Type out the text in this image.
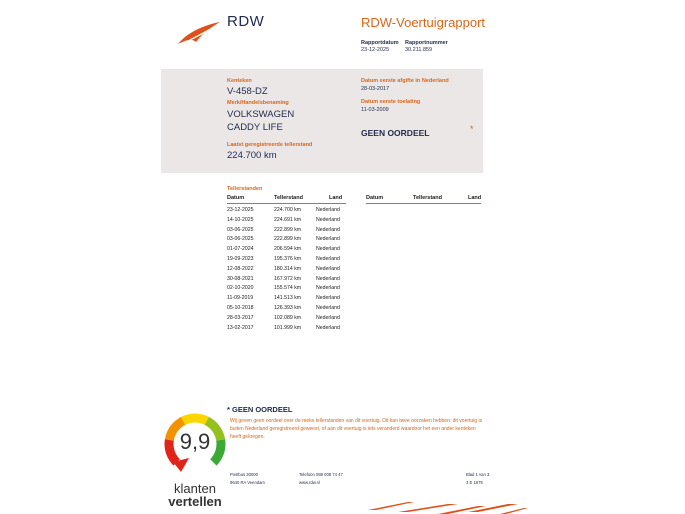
RDW	RDW-Voertuigrapport
Rapportdatum
23-12-2025
Rapportnummer
30.211.859
Kenteken
V-458-DZ
Merk/Handelsbenaming
VOLKSWAGEN
CADDY LIFE
Laatst geregistreerde tellerstand
224.700 km
Datum eerste afgifte in Nederland
28-03-2017
Datum eerste toelating
11-03-2009
GEEN OORDEEL	*
Tellerstanden
Datum	Tellerstand	Land	Datum	Tellerstand	Land
23-12-2025	224.700 km	Nederland
14-10-2025	224.691 km	Nederland
03-06-2025	222.899 km	Nederland
03-06-2025	222.899 km	Nederland
01-07-2024	206.594 km	Nederland
19-09-2023	195.376 km	Nederland
12-08-2022	180.314 km	Nederland
30-08-2021	167.972 km	Nederland
02-10-2020	155.574 km	Nederland
11-09-2019	141.513 km	Nederland
05-10-2018	126.393 km	Nederland
28-03-2017	102.089 km	Nederland
13-02-2017	101.999 km	Nederland
* GEEN OORDEEL
Wij geven geen oordeel over de reeks tellerstanden van dit voertuig. Dit kan twee oorzaken hebben: dit voertuig is buiten Nederland geregistreerd geweest, of aan dit voertuig is iets veranderd waardoor het een ander kenteken heeft gekregen.
Postbus 30000
9640 RA Veendam
Telefoon 088 008 74 47
www.rdw.nl
Blad 1 van 3
3 E 1679
9,9
klanten
vertellen
